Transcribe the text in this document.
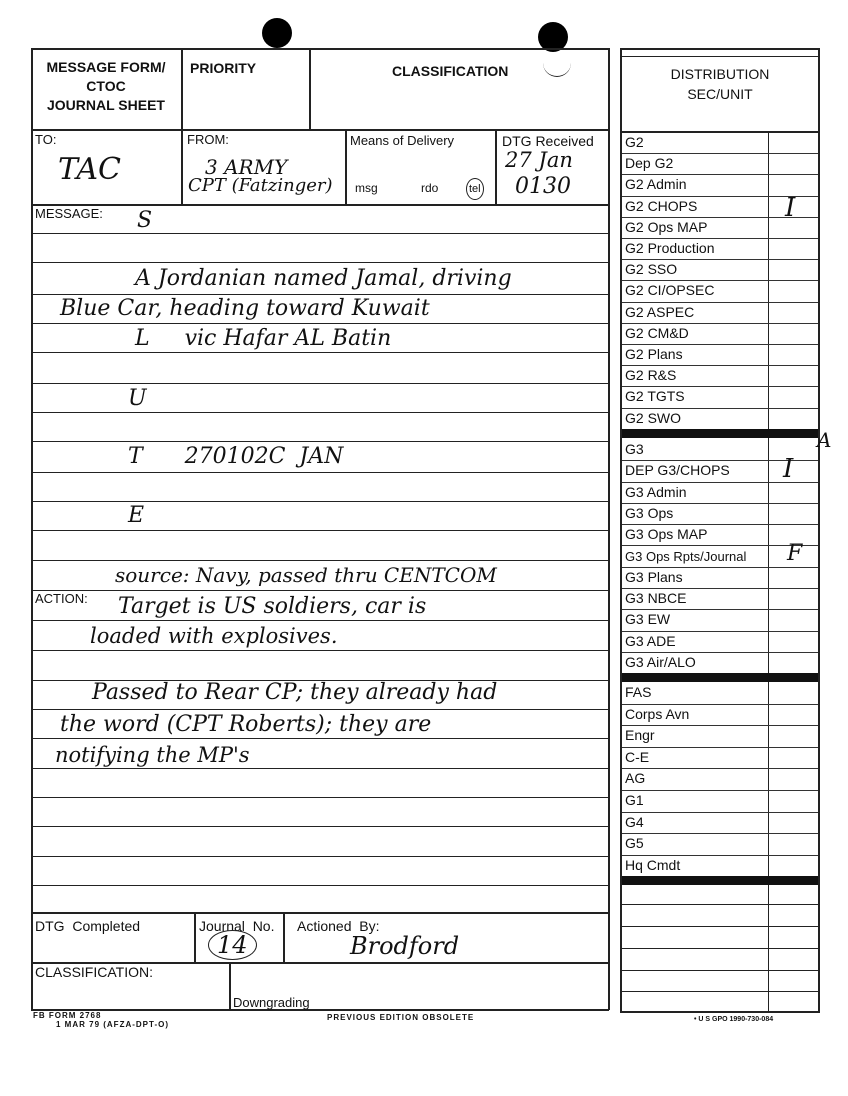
MESSAGE FORM/
CTOC
JOURNAL SHEET
PRIORITY	CLASSIFICATION
TO:
TAC
FROM:
3 ARMY
CPT (Fatzinger)
Means of Delivery
msg	rdo	tel
DTG Received
27 Jan
0130
MESSAGE:
ACTION:
S
A Jordanian named Jamal, driving
Blue Car, heading toward Kuwait
L     vic Hafar AL Batin
U
T      270102C  JAN
E
source: Navy, passed thru CENTCOM
Target is US soldiers, car is
loaded with explosives.
Passed to Rear CP; they already had
the word (CPT Roberts); they are
notifying the MP's
DTG  Completed	Journal  No.
14
Actioned  By:
Brodford
CLASSIFICATION:
Downgrading
FB FORM 2768
1 MAR 79 (AFZA-DPT-O)
PREVIOUS EDITION OBSOLETE	• U S GPO 1990-730-084
DISTRIBUTION
SEC/UNIT
G2
Dep G2
G2 Admin
G2 CHOPS
G2 Ops MAP
G2 Production
G2 SSO
G2 CI/OPSEC
G2 ASPEC
G2 CM&D
G2 Plans
G2 R&S
G2 TGTS
G2 SWO
G3
DEP G3/CHOPS
G3 Admin
G3 Ops
G3 Ops MAP
G3 Ops Rpts/Journal
G3 Plans
G3 NBCE
G3 EW
G3 ADE
G3 Air/ALO
FAS
Corps Avn
Engr
C-E
AG
G1
G4
G5
Hq Cmdt
I
A
I
F
